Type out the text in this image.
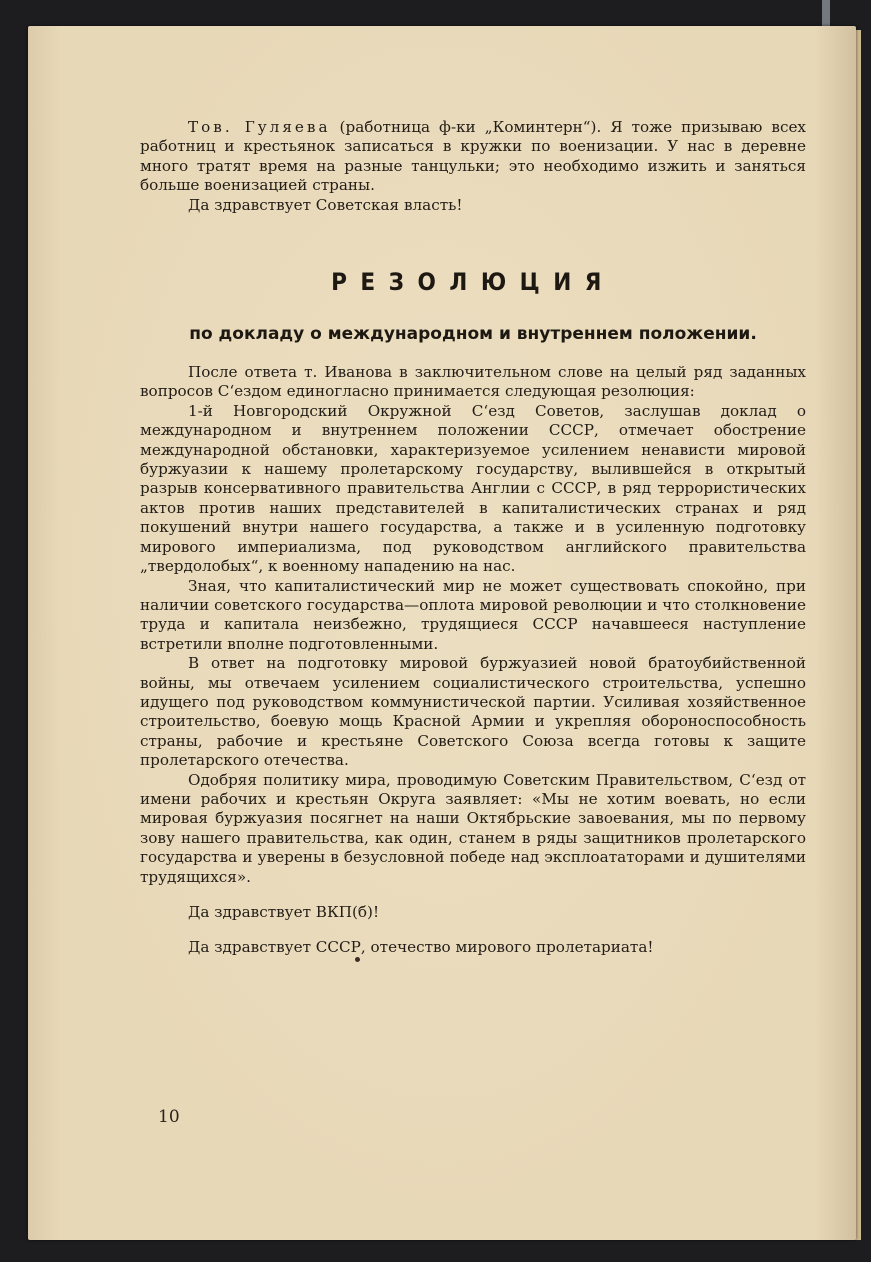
Тов. Гуляева (работница ф-ки „Коминтерн“). Я тоже призываю всех работниц и крестьянок записаться в кружки по военизации. У нас в деревне много тратят время на разные танцульки; это необходимо изжить и заняться больше военизацией страны.

Да здравствует Советская власть!

РЕЗОЛЮЦИЯ
по докладу о международном и внутреннем положении.

После ответа т. Иванова в заключительном слове на целый ряд заданных вопросов С‘ездом единогласно принимается следующая резолюция:

1-й Новгородский Окружной С‘езд Советов, заслушав доклад о международном и внутреннем положении СССР, отмечает обострение международной обстановки, характеризуемое усилением ненависти мировой буржуазии к нашему пролетарскому государству, вылившейся в открытый разрыв консервативного правительства Англии с СССР, в ряд террористических актов против наших представителей в капиталистических странах и ряд покушений внутри нашего государства, а также и в усиленную подготовку мирового империализма, под руководством английского правительства „твердолобых“, к военному нападению на нас.

Зная, что капиталистический мир не может существовать спокойно, при наличии советского государства—оплота мировой революции и что столкновение труда и капитала неизбежно, трудящиеся СССР начавшееся наступление встретили вполне подготовленными.

В ответ на подготовку мировой буржуазией новой братоубийственной войны, мы отвечаем усилением социалистического строительства, успешно идущего под руководством коммунистической партии. Усиливая хозяйственное строительство, боевую мощь Красной Армии и укрепляя обороноспособность страны, рабочие и крестьяне Советского Союза всегда готовы к защите пролетарского отечества.

Одобряя политику мира, проводимую Советским Правительством, С‘езд от имени рабочих и крестьян Округа заявляет: «Мы не хотим воевать, но если мировая буржуазия посягнет на наши Октябрьские завоевания, мы по первому зову нашего правительства, как один, станем в ряды защитников пролетарского государства и уверены в безусловной победе над эксплоататорами и душителями трудящихся».

Да здравствует ВКП(б)!

Да здравствует СССР, отечество мирового пролетариата!

10
